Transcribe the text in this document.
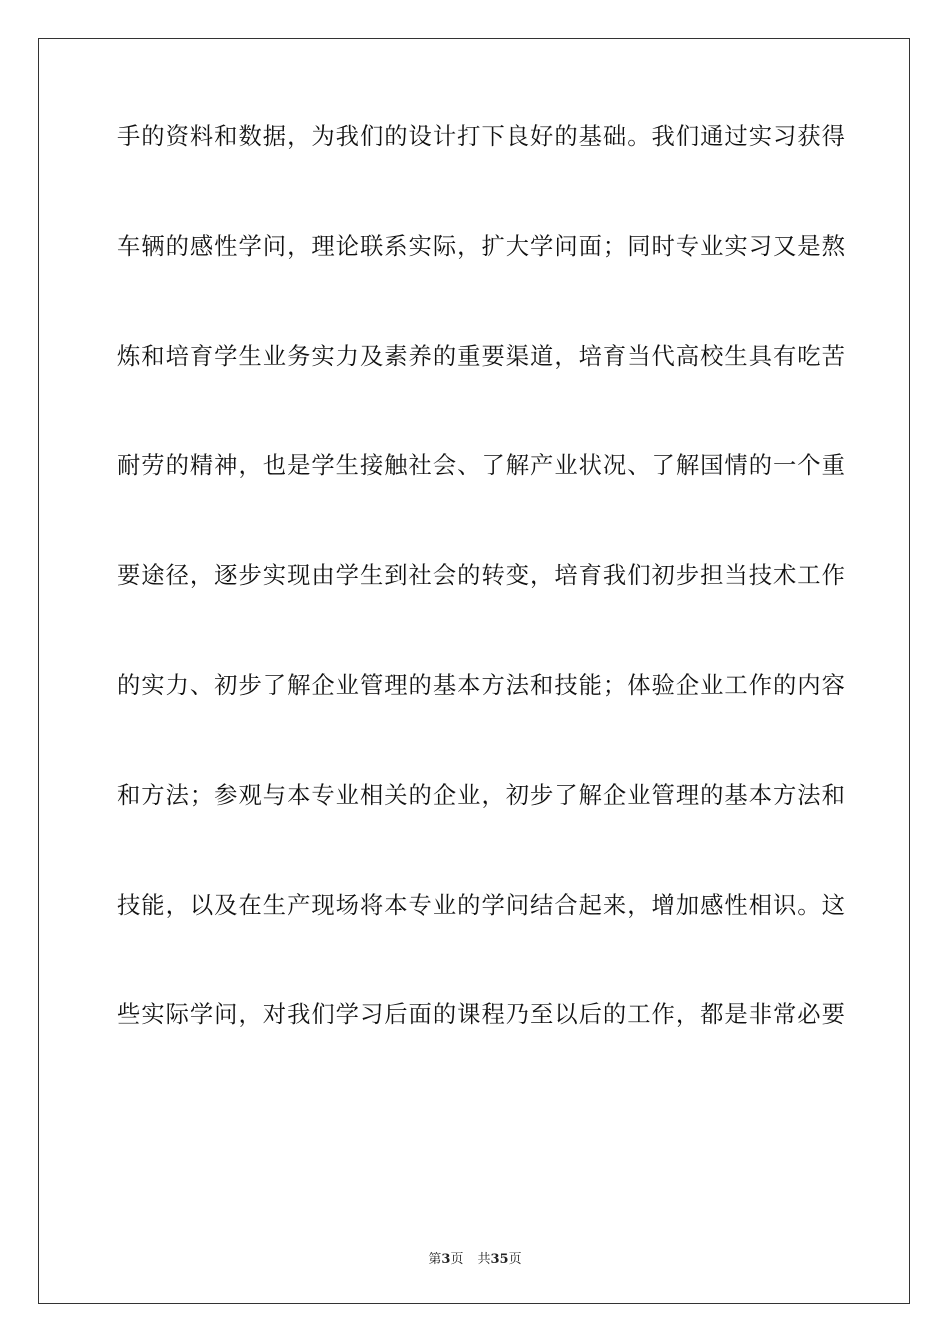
手的资料和数据，为我们的设计打下良好的基础。我们通过实习获得

车辆的感性学问，理论联系实际，扩大学问面；同时专业实习又是熬

炼和培育学生业务实力及素养的重要渠道，培育当代高校生具有吃苦

耐劳的精神，也是学生接触社会、了解产业状况、了解国情的一个重

要途径，逐步实现由学生到社会的转变，培育我们初步担当技术工作

的实力、初步了解企业管理的基本方法和技能；体验企业工作的内容

和方法；参观与本专业相关的企业，初步了解企业管理的基本方法和

技能，以及在生产现场将本专业的学问结合起来，增加感性相识。这

些实际学问，对我们学习后面的课程乃至以后的工作，都是非常必要

第3页 共35页
